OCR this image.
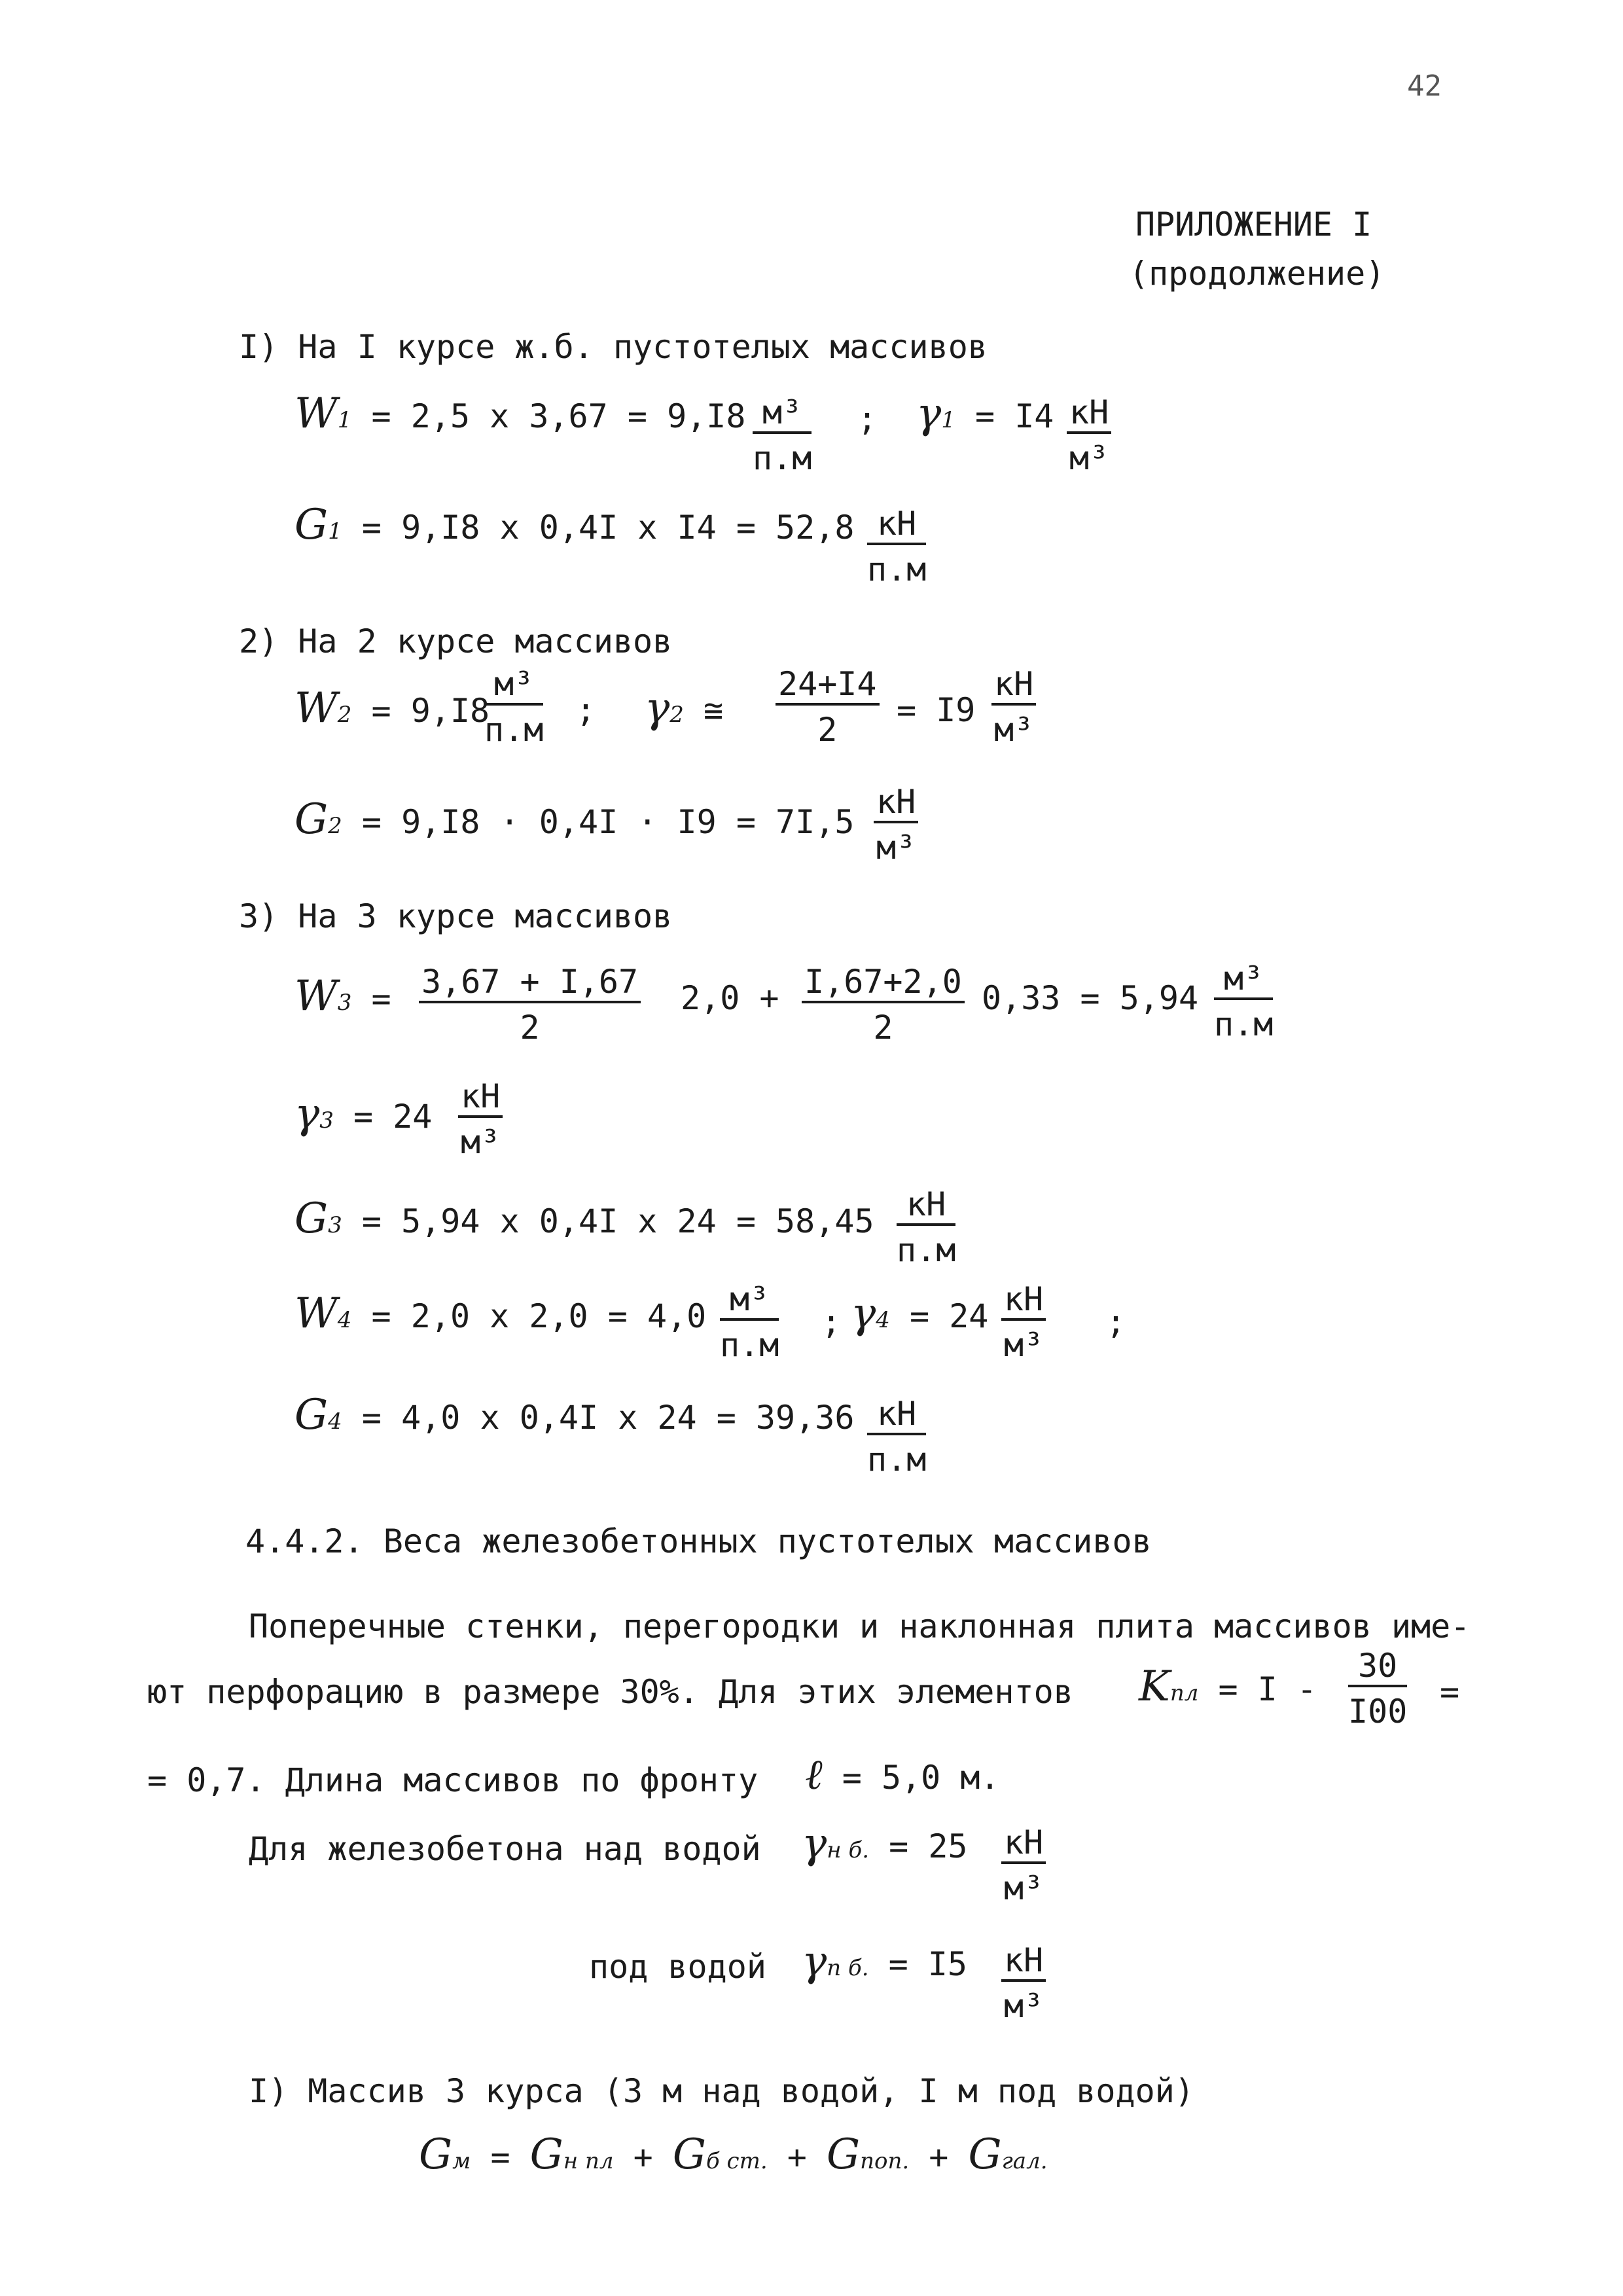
42
ПРИЛОЖЕНИЕ I
(продолжение)
I) На I курсе ж.б. пустотелых массивов
W1 = 2,5 x 3,67 = 9,I8 м³
п.м
; γ1 = I4 кН
м³
G1 = 9,I8 x 0,4I x I4 = 52,8 кН
п.м
2) На 2 курсе массивов
W2 = 9,I8
м³
п.м
; γ2 ≅ $\frac{24+I4}{2} = I9$
кН
м³
G2 = 9,I8 · 0,4I · I9 = 7I,5
кН
м³
3) На 3 курсе массивов
$W3 = \frac{3,67 + I,67}{2} 2,0 + \frac{I,67+2,0}{2} 0,33 = 5,94$
м³
п.м
γ3 = 24
кН
м³
G3 = 5,94 x 0,4I x 24 = 58,45 кН
п.м
W4 = 2,0 x 2,0 = 4,0 м³
п.м
; γ4 = 24 кН
м³
;
G4 = 4,0 x 0,4I x 24 = 39,36 кН
п.м
4.4.2. Веса железобетонных пустотелых массивов
Поперечные стенки, перегородки и наклонная плита массивов име-
ют перфорацию в размере 30%. Для этих элементов Kпл = I - $\frac{30}{I00}$ =
= 0,7. Длина массивов по фронту ℓ = 5,0 м.
Для железобетона над водой γн б. = 25 кН
м³
под водой γп б. = I5 кН
м³
I) Массив 3 курса (3 м над водой, I м под водой)
Gм = Gн пл + Gб ст. + Gпоп. + Gгал.
